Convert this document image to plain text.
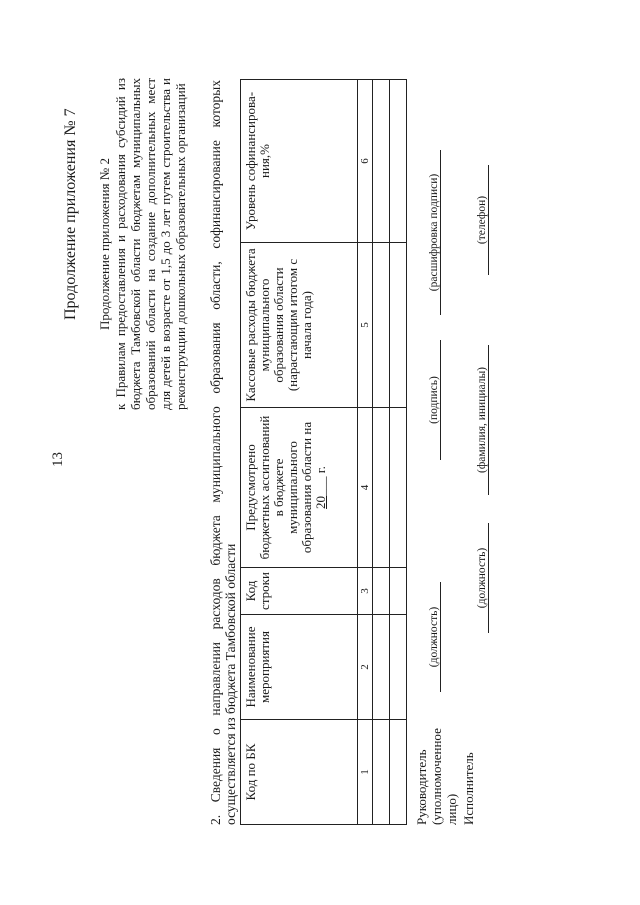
13
Продолжение приложения № 7 Продолжение приложения № 2 к Правилам предоставления и расходования субсидий из бюджета Тамбовской области бюджетам муниципальных образований области на создание дополнительных мест для детей в возрасте от 1,5 до 3 лет путем строительства и реконструкции дошкольных образовательных организаций 2. Сведения о направлении расходов бюджета муниципального образования области, софинансирование которых осуществляется из бюджета Тамбовской области Код по БК	Наименование мероприятия	Код строки	Предусмотрено бюджетных ассигнований в бюджете муниципального образования области на
20___ г.	Кассовые расходы бюджета муниципального образования области (нарастающим итогом с начала года)	Уровень софинансирова-ния,%
1	2	3	4	5	6

Руководитель (уполномоченное лицо)
(должность)
(подпись)
(расшифровка подписи)
Исполнитель
(должность)
(фамилия, инициалы)
(телефон)
